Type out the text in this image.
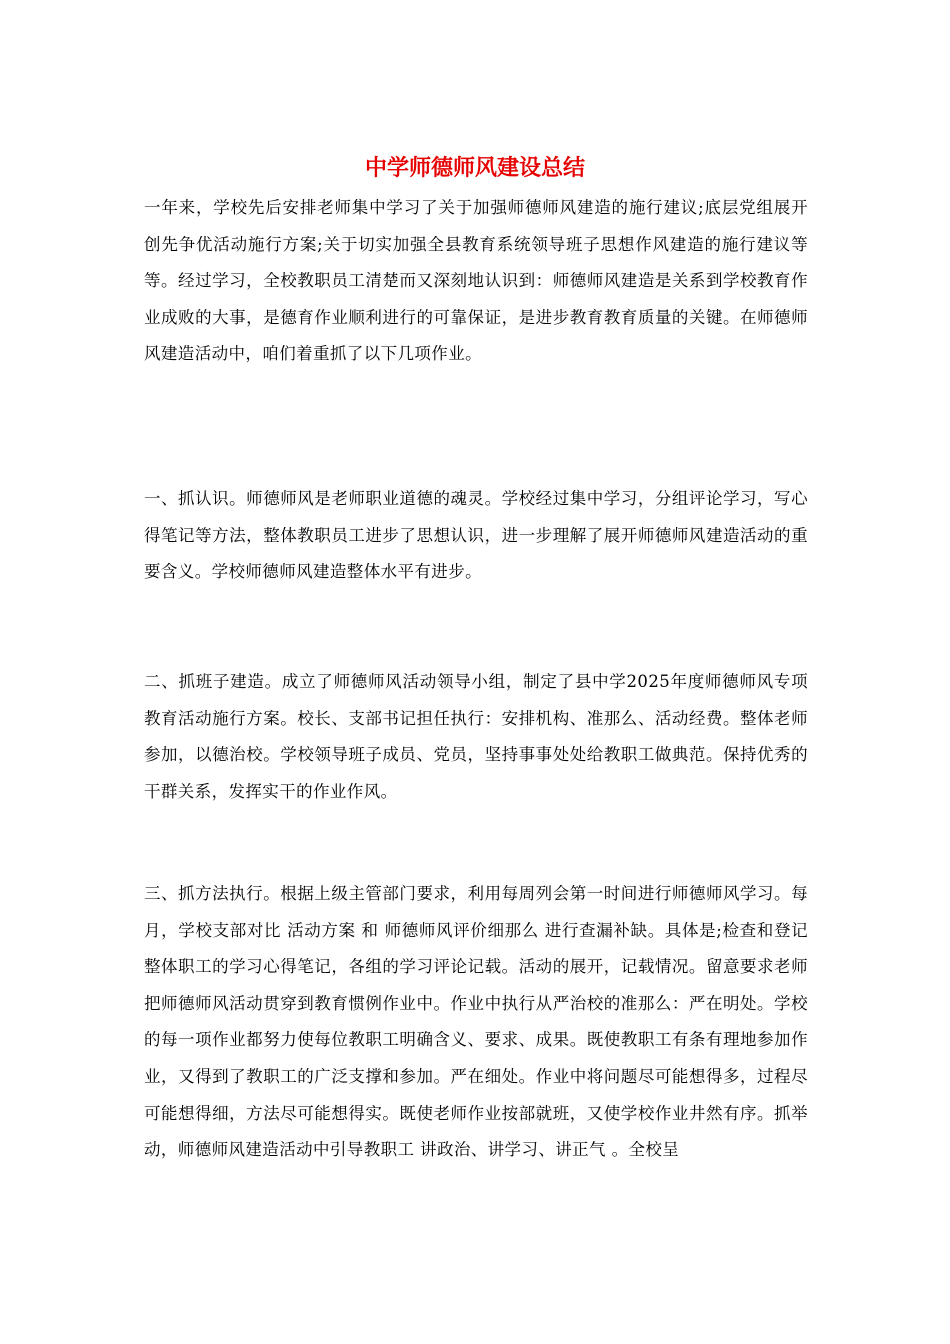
中学师德师风建设总结

一年来，学校先后安排老师集中学习了关于加强师德师风建造的施行建议;底层党组展开创先争优活动施行方案;关于切实加强全县教育系统领导班子思想作风建造的施行建议等等。经过学习，全校教职员工清楚而又深刻地认识到：师德师风建造是关系到学校教育作业成败的大事，是德育作业顺利进行的可靠保证，是进步教育教育质量的关键。在师德师风建造活动中，咱们着重抓了以下几项作业。

一、抓认识。师德师风是老师职业道德的魂灵。学校经过集中学习，分组评论学习，写心得笔记等方法，整体教职员工进步了思想认识，进一步理解了展开师德师风建造活动的重要含义。学校师德师风建造整体水平有进步。

二、抓班子建造。成立了师德师风活动领导小组，制定了县中学2025年度师德师风专项教育活动施行方案。校长、支部书记担任执行：安排机构、准那么、活动经费。整体老师参加，以德治校。学校领导班子成员、党员，坚持事事处处给教职工做典范。保持优秀的干群关系，发挥实干的作业作风。

三、抓方法执行。根据上级主管部门要求，利用每周列会第一时间进行师德师风学习。每月，学校支部对比 活动方案 和 师德师风评价细那么 进行查漏补缺。具体是;检查和登记整体职工的学习心得笔记，各组的学习评论记载。活动的展开，记载情况。留意要求老师把师德师风活动贯穿到教育惯例作业中。作业中执行从严治校的准那么：严在明处。学校的每一项作业都努力使每位教职工明确含义、要求、成果。既使教职工有条有理地参加作业，又得到了教职工的广泛支撑和参加。严在细处。作业中将问题尽可能想得多，过程尽可能想得细，方法尽可能想得实。既使老师作业按部就班，又使学校作业井然有序。抓举动，师德师风建造活动中引导教职工 讲政治、讲学习、讲正气 。全校呈
